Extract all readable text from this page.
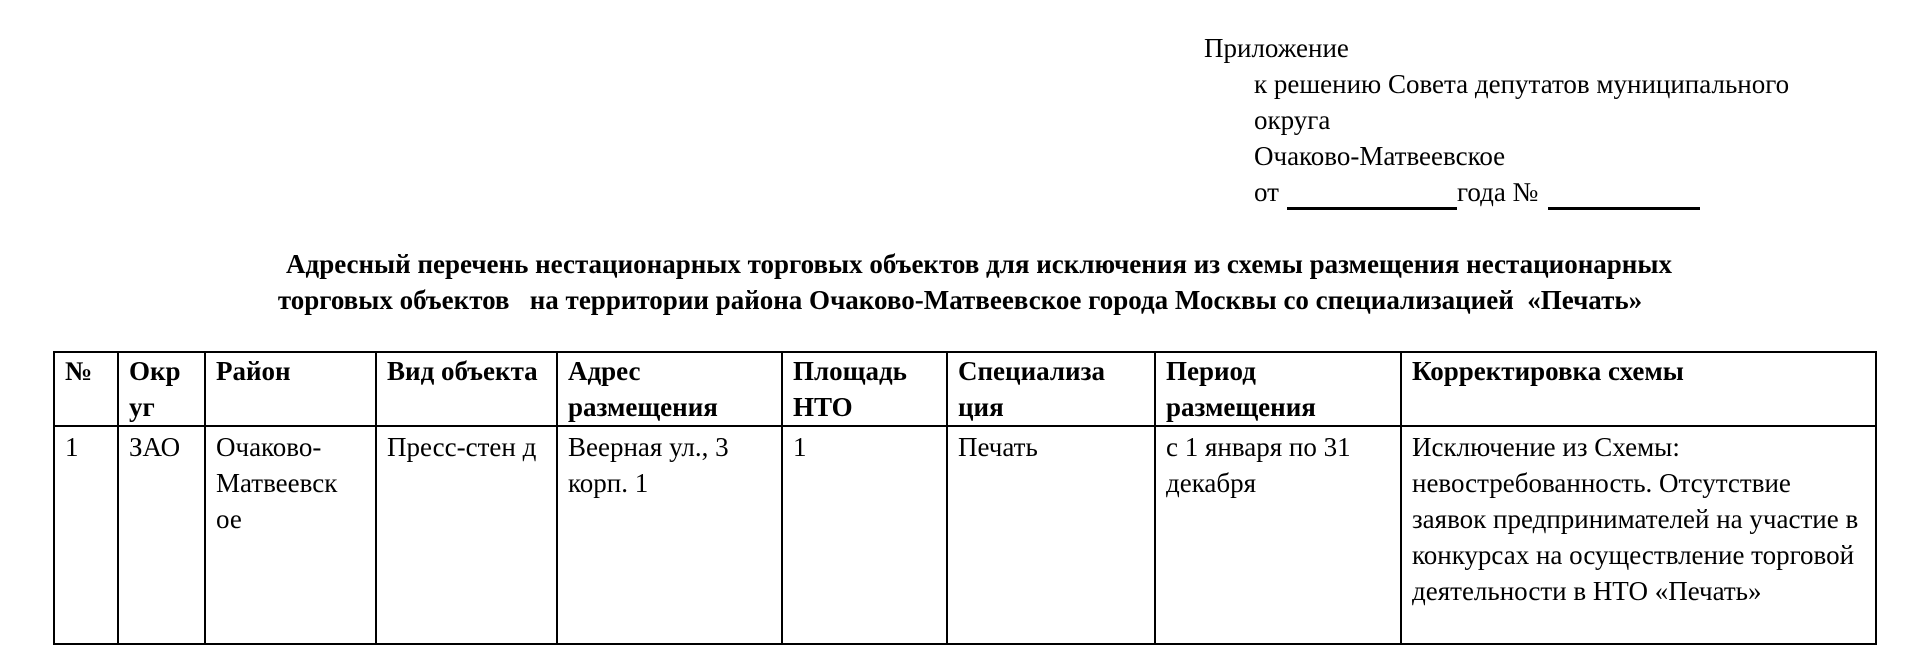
Приложение
к решению Совета депутатов муниципального
округа
Очаково-Матвеевское
от	года №
Адресный перечень нестационарных торговых объектов для исключения из схемы размещения нестационарных
торговых объектов   на территории района Очаково-Матвеевское города Москвы со специализацией  «Печать»
№	Окр уг	Район	Вид объекта	Адрес размещения	Площадь НТО	Специализа ция	Период размещения	Корректировка схемы
1	ЗАО	Очаково-Матвеевск ое	Пресс-стен д	Веерная ул., 3 корп. 1	1	Печать	с 1 января по 31 декабря	Исключение из Схемы: невостребованность. Отсутствие заявок предпринимателей на участие в конкурсах на осуществление торговой деятельности в НТО «Печать»
